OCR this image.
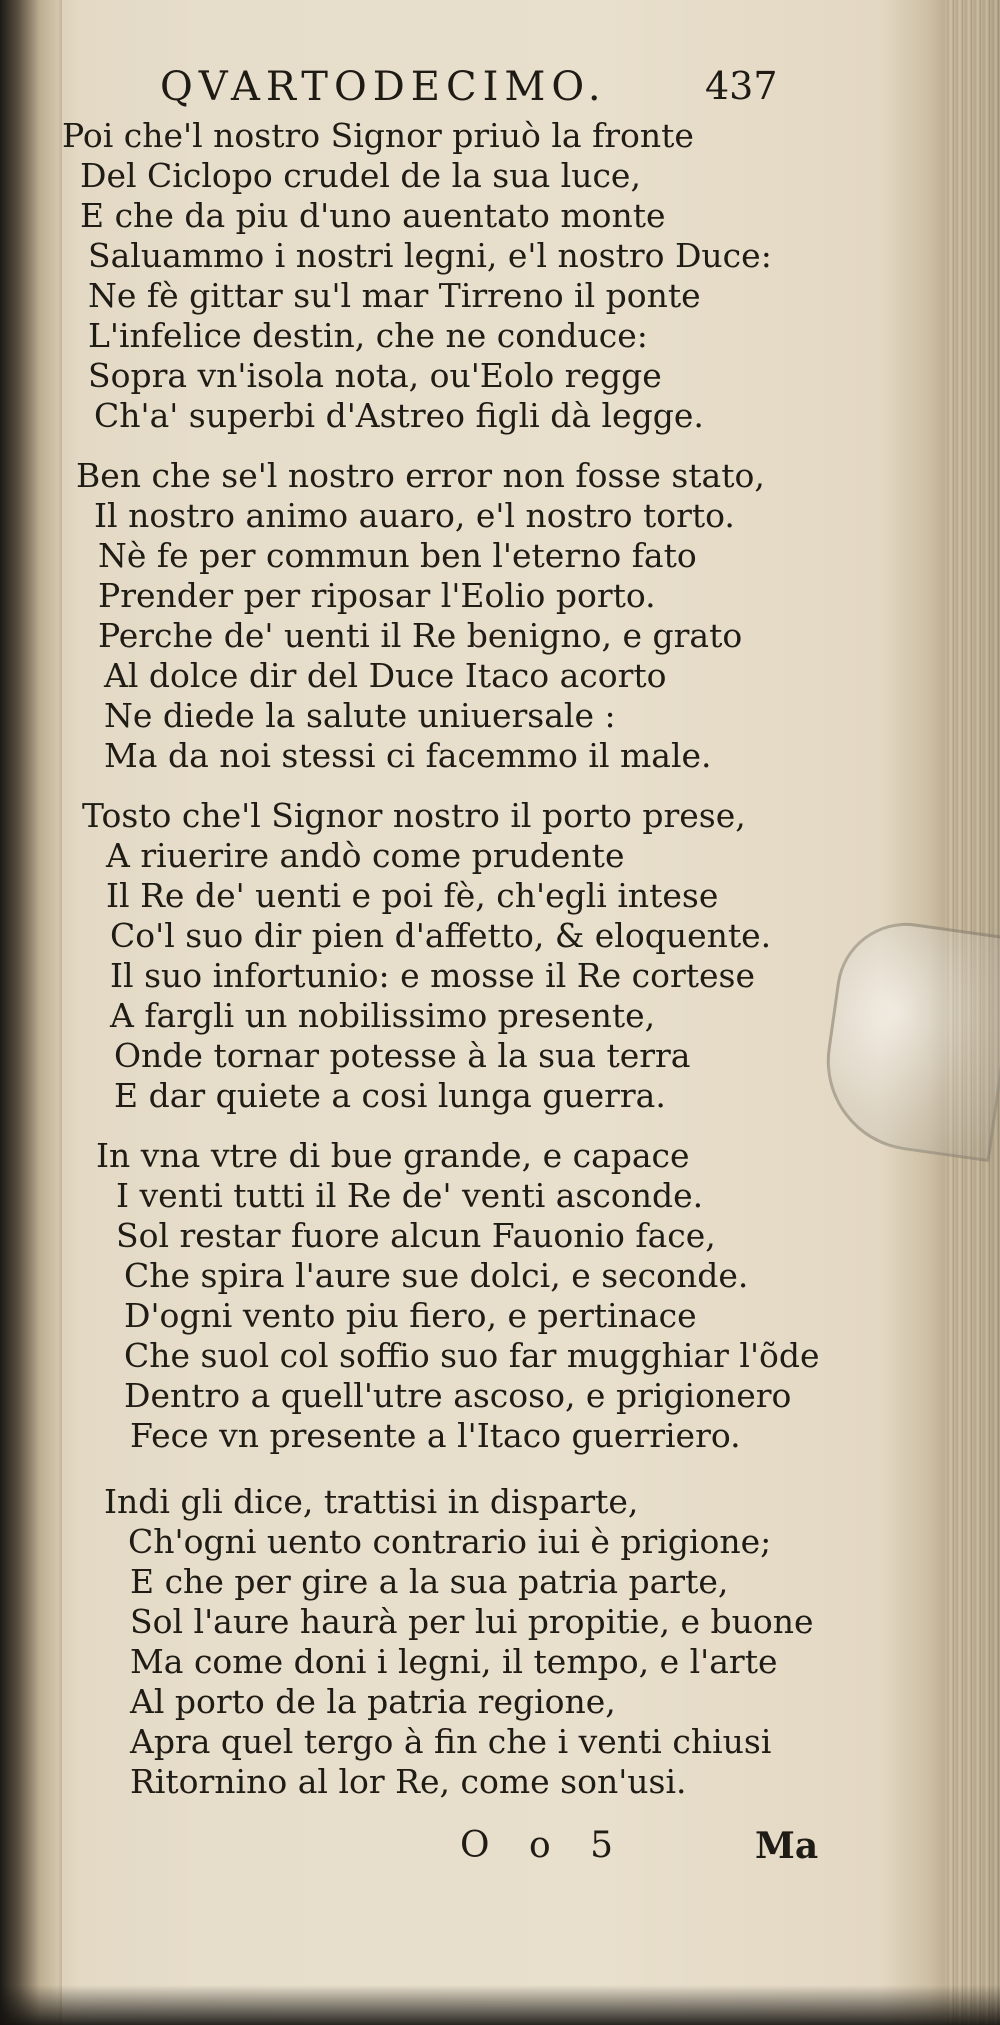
QVARTODECIMO.	437
Poi che'l nostro Signor priuò la fronte
Del Ciclopo crudel de la sua luce,
E che da piu d'uno auentato monte
Saluammo i nostri legni, e'l nostro Duce:
Ne fè gittar su'l mar Tirreno il ponte
L'infelice destin, che ne conduce:
Sopra vn'isola nota, ou'Eolo regge
Ch'a' superbi d'Astreo figli dà legge.
Ben che se'l nostro error non fosse stato,
Il nostro animo auaro, e'l nostro torto.
Nè fe per commun ben l'eterno fato
Prender per riposar l'Eolio porto.
Perche de' uenti il Re benigno, e grato
Al dolce dir del Duce Itaco acorto
Ne diede la salute uniuersale :
Ma da noi stessi ci facemmo il male.
Tosto che'l Signor nostro il porto prese,
A riuerire andò come prudente
Il Re de' uenti e poi fè, ch'egli intese
Co'l suo dir pien d'affetto, & eloquente.
Il suo infortunio: e mosse il Re cortese
A fargli un nobilissimo presente,
Onde tornar potesse à la sua terra
E dar quiete a cosi lunga guerra.
In vna vtre di bue grande, e capace
I venti tutti il Re de' venti asconde.
Sol restar fuore alcun Fauonio face,
Che spira l'aure sue dolci, e seconde.
D'ogni vento piu fiero, e pertinace
Che suol col soffio suo far mugghiar l'õde
Dentro a quell'utre ascoso, e prigionero
Fece vn presente a l'Itaco guerriero.
Indi gli dice, trattisi in disparte,
Ch'ogni uento contrario iui è prigione;
E che per gire a la sua patria parte,
Sol l'aure haurà per lui propitie, e buone
Ma come doni i legni, il tempo, e l'arte
Al porto de la patria regione,
Apra quel tergo à fin che i venti chiusi
Ritornino al lor Re, come son'usi.
O o 5	Ma
